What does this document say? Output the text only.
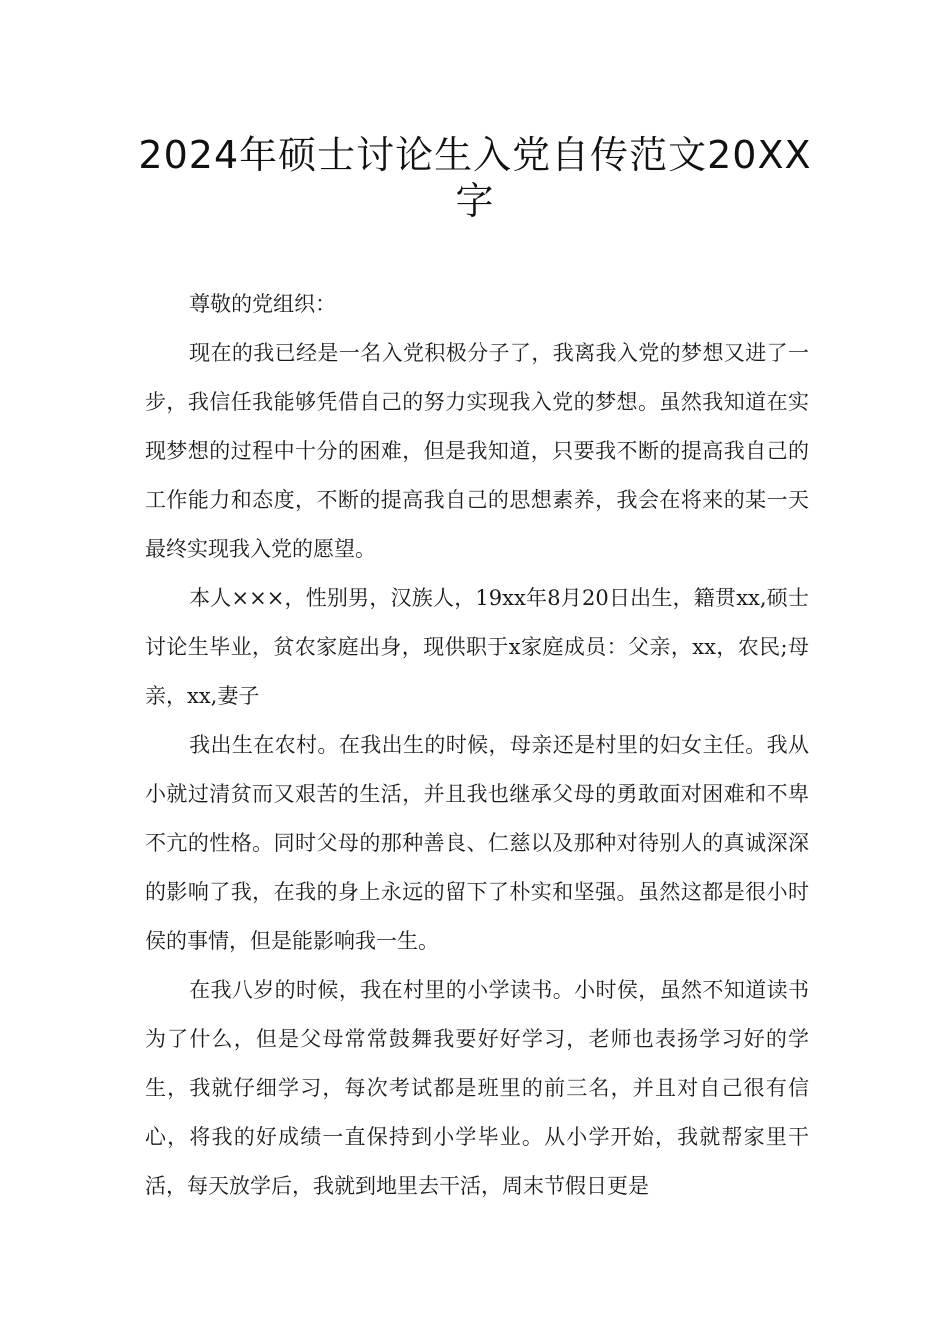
2024年硕士讨论生入党自传范文20XX字

尊敬的党组织：

现在的我已经是一名入党积极分子了，我离我入党的梦想又进了一步，我信任我能够凭借自己的努力实现我入党的梦想。虽然我知道在实现梦想的过程中十分的困难，但是我知道，只要我不断的提高我自己的工作能力和态度，不断的提高我自己的思想素养，我会在将来的某一天最终实现我入党的愿望。

本人×××，性别男，汉族人，19xx年8月20日出生，籍贯xx,硕士讨论生毕业，贫农家庭出身，现供职于x家庭成员：父亲，xx，农民;母亲，xx,妻子

我出生在农村。在我出生的时候，母亲还是村里的妇女主任。我从小就过清贫而又艰苦的生活，并且我也继承父母的勇敢面对困难和不卑不亢的性格。同时父母的那种善良、仁慈以及那种对待别人的真诚深深的影响了我，在我的身上永远的留下了朴实和坚强。虽然这都是很小时侯的事情，但是能影响我一生。

在我八岁的时候，我在村里的小学读书。小时侯，虽然不知道读书为了什么，但是父母常常鼓舞我要好好学习，老师也表扬学习好的学生，我就仔细学习，每次考试都是班里的前三名，并且对自己很有信心，将我的好成绩一直保持到小学毕业。从小学开始，我就帮家里干活，每天放学后，我就到地里去干活，周末节假日更是
